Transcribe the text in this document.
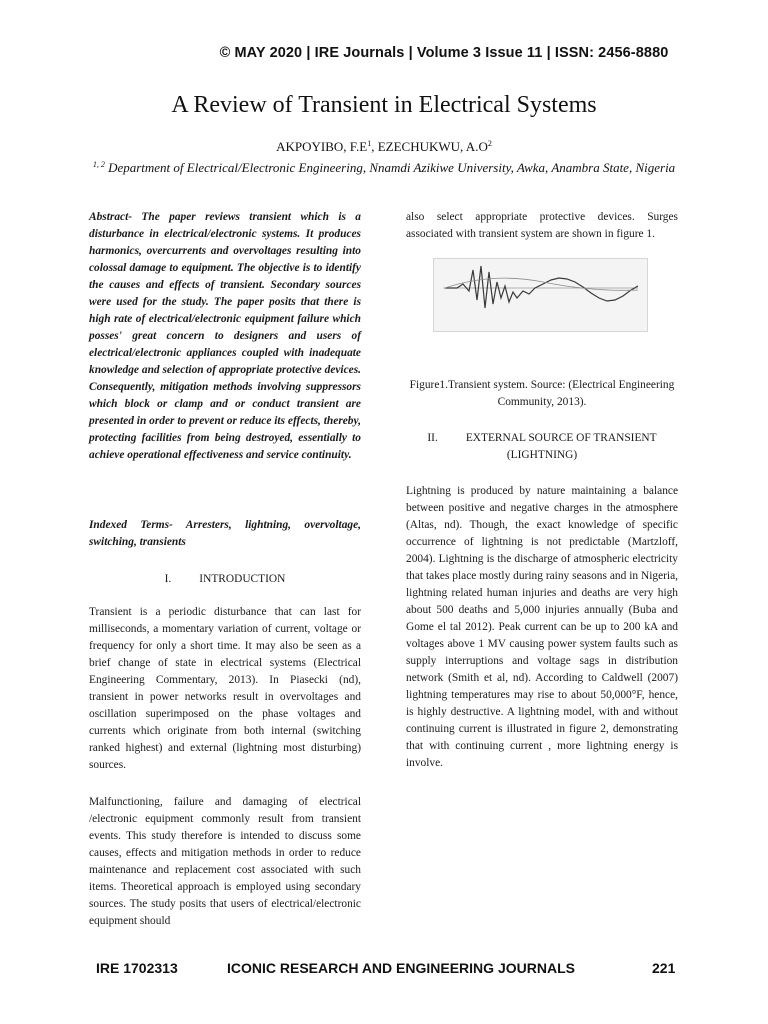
© MAY 2020 | IRE Journals | Volume 3 Issue 11 | ISSN: 2456-8880
A Review of Transient in Electrical Systems
AKPOYIBO, $F.E^1$, EZECHUKWU, $A.O^2$
$^{1, 2}$ Department of Electrical/Electronic Engineering, Nnamdi Azikiwe University, Awka, Anambra State, Nigeria
Abstract- The paper reviews transient which is a disturbance in electrical/electronic systems. It produces harmonics, overcurrents and overvoltages resulting into colossal damage to equipment. The objective is to identify the causes and effects of transient. Secondary sources were used for the study. The paper posits that there is high rate of electrical/electronic equipment failure which posses' great concern to designers and users of electrical/electronic appliances coupled with inadequate knowledge and selection of appropriate protective devices. Consequently, mitigation methods involving suppressors which block or clamp and or conduct transient are presented in order to prevent or reduce its effects, thereby, protecting facilities from being destroyed, essentially to achieve operational effectiveness and service continuity.
Indexed Terms- Arresters, lightning, overvoltage, switching, transients
I. INTRODUCTION
Transient is a periodic disturbance that can last for milliseconds, a momentary variation of current, voltage or frequency for only a short time. It may also be seen as a brief change of state in electrical systems (Electrical Engineering Commentary, 2013). In Piasecki (nd), transient in power networks result in overvoltages and oscillation superimposed on the phase voltages and currents which originate from both internal (switching ranked highest) and external (lightning most disturbing) sources.
Malfunctioning, failure and damaging of electrical /electronic equipment commonly result from transient events. This study therefore is intended to discuss some causes, effects and mitigation methods in order to reduce maintenance and replacement cost associated with such items. Theoretical approach is employed using secondary sources. The study posits that users of electrical/electronic equipment should
also select appropriate protective devices. Surges associated with transient system are shown in figure 1.
Figure1.Transient system. Source: (Electrical Engineering Community, 2013).
II. EXTERNAL SOURCE OF TRANSIENT
(LIGHTNING)
Lightning is produced by nature maintaining a balance between positive and negative charges in the atmosphere (Altas, nd). Though, the exact knowledge of specific occurrence of lightning is not predictable (Martzloff, 2004). Lightning is the discharge of atmospheric electricity that takes place mostly during rainy seasons and in Nigeria, lightning related human injuries and deaths are very high about 500 deaths and 5,000 injuries annually (Buba and Gome el tal 2012). Peak current can be up to 200 kA and voltages above 1 MV causing power system faults such as supply interruptions and voltage sags in distribution network (Smith et al, nd). According to Caldwell (2007) lightning temperatures may rise to about 50,000°F, hence, is highly destructive. A lightning model, with and without continuing current is illustrated in figure 2, demonstrating that with continuing current , more lightning energy is involve.
IRE 1702313	ICONIC RESEARCH AND ENGINEERING JOURNALS	221
